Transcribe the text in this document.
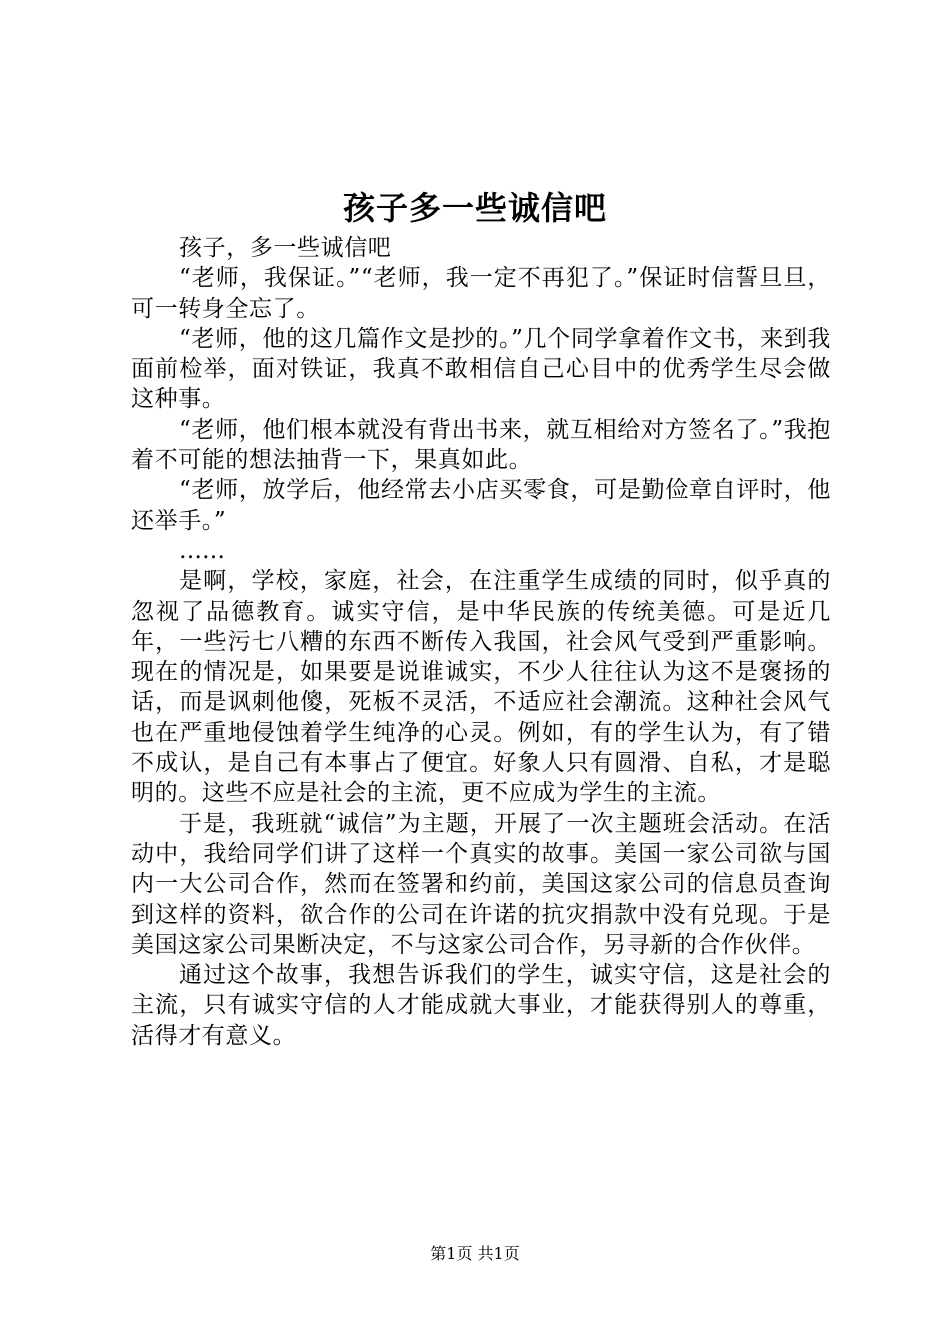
孩子多一些诚信吧

孩子，多一些诚信吧

“老师，我保证。”“老师，我一定不再犯了。”保证时信誓旦旦，可一转身全忘了。

“老师，他的这几篇作文是抄的。”几个同学拿着作文书，来到我面前检举，面对铁证，我真不敢相信自己心目中的优秀学生尽会做这种事。

“老师，他们根本就没有背出书来，就互相给对方签名了。”我抱着不可能的想法抽背一下，果真如此。

“老师，放学后，他经常去小店买零食，可是勤俭章自评时，他还举手。”

……

是啊，学校，家庭，社会，在注重学生成绩的同时，似乎真的忽视了品德教育。诚实守信，是中华民族的传统美德。可是近几年，一些污七八糟的东西不断传入我国，社会风气受到严重影响。现在的情况是，如果要是说谁诚实，不少人往往认为这不是褒扬的话，而是讽刺他傻，死板不灵活，不适应社会潮流。这种社会风气也在严重地侵蚀着学生纯净的心灵。例如，有的学生认为，有了错不成认，是自己有本事占了便宜。好象人只有圆滑、自私，才是聪明的。这些不应是社会的主流，更不应成为学生的主流。

于是，我班就“诚信”为主题，开展了一次主题班会活动。在活动中，我给同学们讲了这样一个真实的故事。美国一家公司欲与国内一大公司合作，然而在签署和约前，美国这家公司的信息员查询到这样的资料，欲合作的公司在许诺的抗灾捐款中没有兑现。于是美国这家公司果断决定，不与这家公司合作，另寻新的合作伙伴。

通过这个故事，我想告诉我们的学生，诚实守信，这是社会的主流，只有诚实守信的人才能成就大事业，才能获得别人的尊重，活得才有意义。

第1页 共1页
